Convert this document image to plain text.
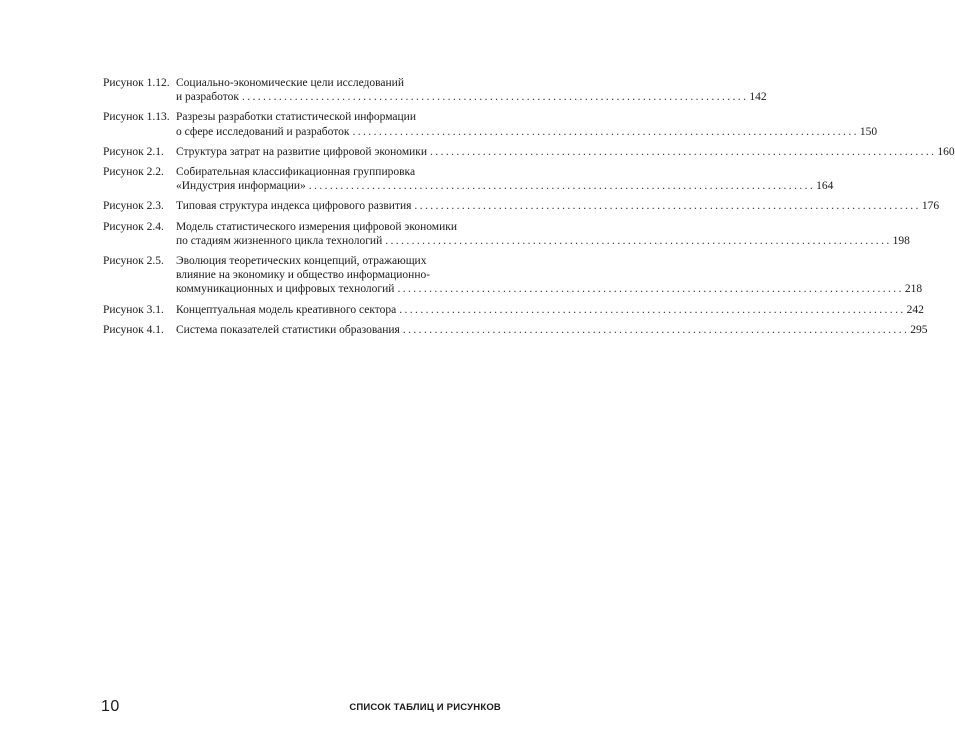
Рисунок 1.12. Социально-экономические цели исследований
и разработок ................................................................................................ 142
Рисунок 1.13. Разрезы разработки статистической информации
о сфере исследований и разработок ................................................................................................ 150
Рисунок 2.1.	Структура затрат на развитие цифровой экономики ................................................................................................ 160
Рисунок 2.2.	Собирательная классификационная группировка
«Индустрия информации» ................................................................................................ 164
Рисунок 2.3.	Типовая структура индекса цифрового развития ................................................................................................ 176
Рисунок 2.4.	Модель статистического измерения цифровой экономики
по стадиям жизненного цикла технологий ................................................................................................ 198
Рисунок 2.5.	Эволюция теоретических концепций, отражающих
влияние на экономику и общество информационно-
коммуникационных и цифровых технологий ................................................................................................ 218
Рисунок 3.1.	Концептуальная модель креативного сектора ................................................................................................ 242
Рисунок 4.1.	Система показателей статистики образования ................................................................................................ 295
10	СПИСОК ТАБЛИЦ И РИСУНКОВ
